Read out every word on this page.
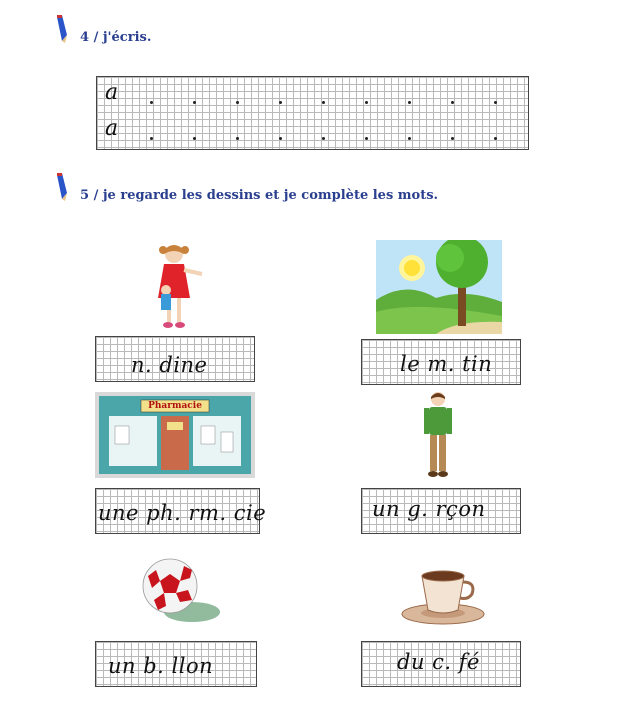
4 / j'écris.
a
a
5 / je regarde les dessins et je complète les mots.
n. dine	le m. tin
Pharmacie
une ph. rm. cie	un g. rçon
un b. llon	du c. fé
